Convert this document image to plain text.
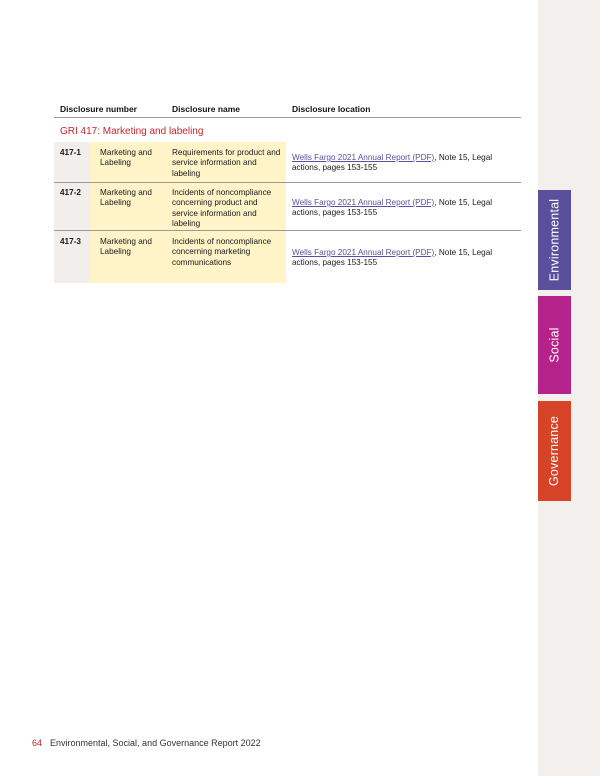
Environmental
Social
Governance
Disclosure number	Disclosure name	Disclosure location
GRI 417: Marketing and labeling
417-1 Marketing and Labeling
Requirements for product and service information and labeling
Wells Fargo 2021 Annual Report (PDF), Note 15, Legal actions, pages 153-155
417-2 Marketing and Labeling
Incidents of noncompliance concerning product and service information and labeling
Wells Fargo 2021 Annual Report (PDF), Note 15, Legal actions, pages 153-155
417-3 Marketing and Labeling
Incidents of noncompliance concerning marketing communications
Wells Fargo 2021 Annual Report (PDF), Note 15, Legal actions, pages 153-155
64 Environmental, Social, and Governance Report 2022
